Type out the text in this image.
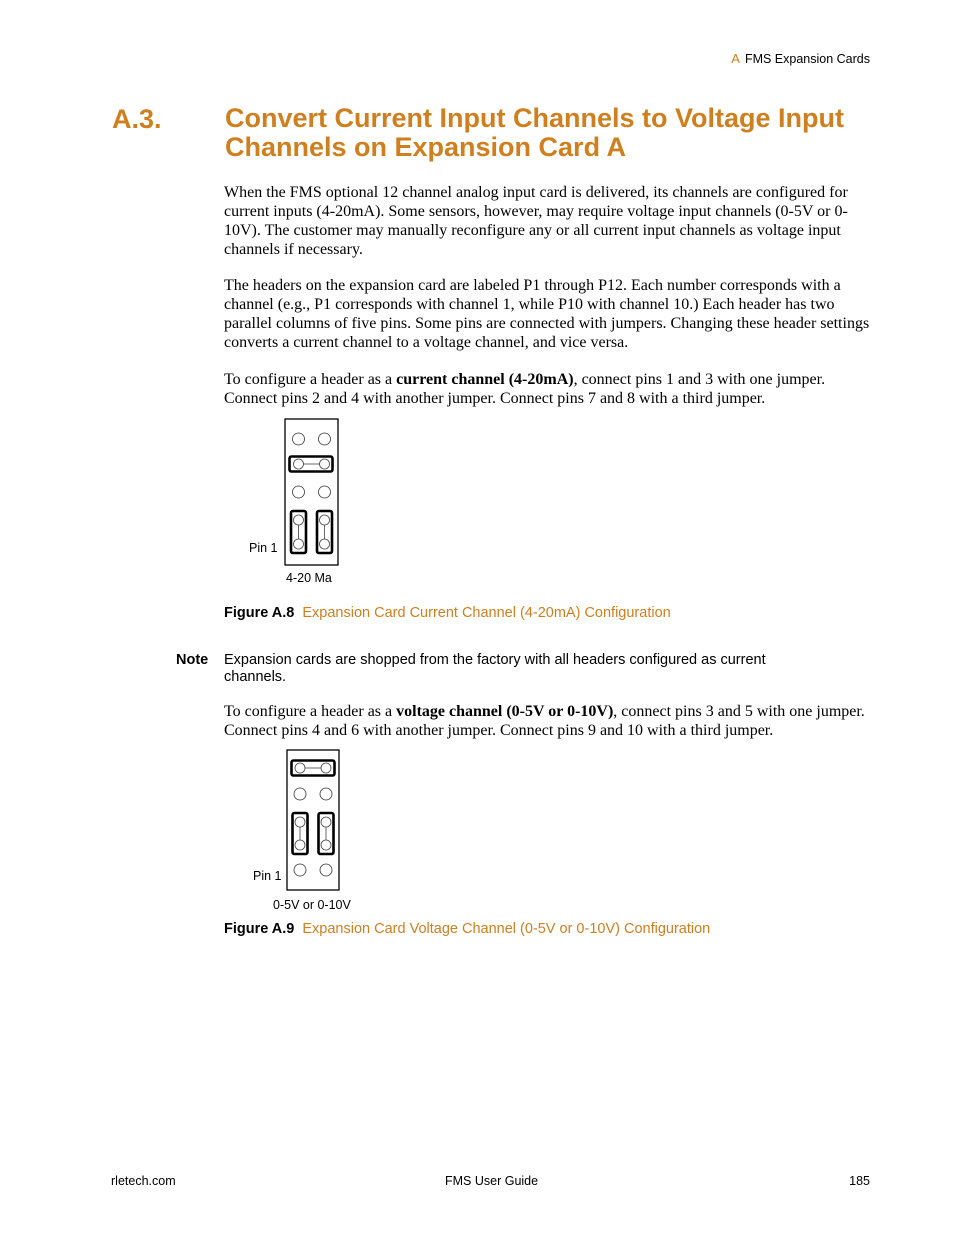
A FMS Expansion Cards
A.3. Convert Current Input Channels to Voltage Input Channels on Expansion Card A
When the FMS optional 12 channel analog input card is delivered, its channels are configured for current inputs (4-20mA). Some sensors, however, may require voltage input channels (0-5V or 0-10V). The customer may manually reconfigure any or all current input channels as voltage input channels if necessary.
The headers on the expansion card are labeled P1 through P12. Each number corresponds with a channel (e.g., P1 corresponds with channel 1, while P10 with channel 10.) Each header has two parallel columns of five pins. Some pins are connected with jumpers. Changing these header settings converts a current channel to a voltage channel, and vice versa.
To configure a header as a current channel (4-20mA), connect pins 1 and 3 with one jumper. Connect pins 2 and 4 with another jumper. Connect pins 7 and 8 with a third jumper.
Pin 1
4-20 Ma
Figure A.8 Expansion Card Current Channel (4-20mA) Configuration
Note Expansion cards are shopped from the factory with all headers configured as current channels.
To configure a header as a voltage channel (0-5V or 0-10V), connect pins 3 and 5 with one jumper. Connect pins 4 and 6 with another jumper. Connect pins 9 and 10 with a third jumper.
Pin 1
0-5V or 0-10V
Figure A.9 Expansion Card Voltage Channel (0-5V or 0-10V) Configuration
rletech.com	FMS User Guide	185
